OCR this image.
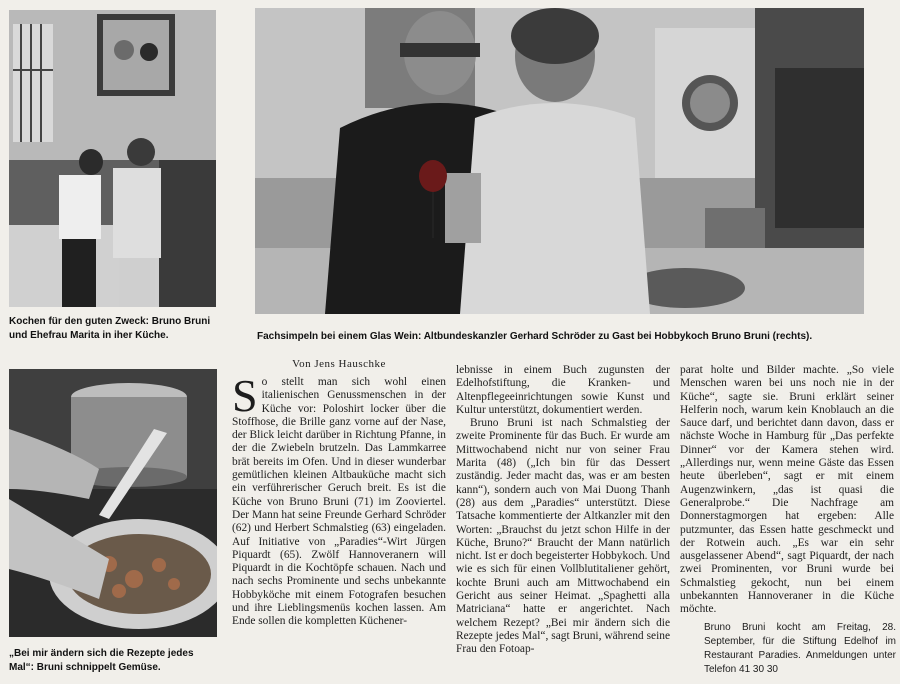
Kochen für den guten Zweck: Bruno Bruni
und Ehefrau Marita in iher Küche.	Fachsimpeln bei einem Glas Wein: Altbundeskanzler Gerhard Schröder zu Gast bei Hobbykoch Bruno Bruni (rechts).

„Bei mir ändern sich die Rezepte jedes
Mal“: Bruni schnippelt Gemüse.

Von Jens Hauschke

So stellt man sich wohl einen italienischen Genussmenschen in der Küche vor: Poloshirt locker über die Stoffhose, die Brille ganz vorne auf der Nase, der Blick leicht darüber in Richtung Pfanne, in der die Zwiebeln brutzeln. Das Lammkarree brät bereits im Ofen. Und in dieser wunderbar gemütlichen kleinen Altbauküche macht sich ein verführerischer Geruch breit. Es ist die Küche von Bruno Bruni (71) im Zooviertel. Der Mann hat seine Freunde Gerhard Schröder (62) und Herbert Schmalstieg (63) eingeladen. Auf Initiative von „Paradies“-Wirt Jürgen Piquardt (65). Zwölf Hannoveranern will Piquardt in die Kochtöpfe schauen. Nach und nach sechs Prominente und sechs unbekannte Hobbyköche mit einem Fotografen besuchen und ihre Lieblingsmenüs kochen lassen. Am Ende sollen die kompletten Küchener-

lebnisse in einem Buch zugunsten der Edelhofstiftung, die Kranken- und Altenpflegeeinrichtungen sowie Kunst und Kultur unterstützt, dokumentiert werden.

Bruno Bruni ist nach Schmalstieg der zweite Prominente für das Buch. Er wurde am Mittwochabend nicht nur von seiner Frau Marita (48) („Ich bin für das Dessert zuständig. Jeder macht das, was er am besten kann“), sondern auch von Mai Duong Thanh (28) aus dem „Paradies“ unterstützt. Diese Tatsache kommentierte der Altkanzler mit den Worten: „Brauchst du jetzt schon Hilfe in der Küche, Bruno?“ Braucht der Mann natürlich nicht. Ist er doch begeisterter Hobbykoch. Und wie es sich für einen Vollblutitaliener gehört, kochte Bruni auch am Mittwochabend ein Gericht aus seiner Heimat. „Spaghetti alla Matriciana“ hatte er angerichtet. Nach welchem Rezept? „Bei mir ändern sich die Rezepte jedes Mal“, sagt Bruni, während seine Frau den Fotoap-

parat holte und Bilder machte. „So viele Menschen waren bei uns noch nie in der Küche“, sagte sie. Bruni erklärt seiner Helferin noch, warum kein Knoblauch an die Sauce darf, und berichtet dann davon, dass er nächste Woche in Hamburg für „Das perfekte Dinner“ vor der Kamera stehen wird. „Allerdings nur, wenn meine Gäste das Essen heute überleben“, sagt er mit einem Augenzwinkern, „das ist quasi die Generalprobe.“ Die Nachfrage am Donnerstagmorgen hat ergeben: Alle putzmunter, das Essen hatte geschmeckt und der Rotwein auch. „Es war ein sehr ausgelassener Abend“, sagt Piquardt, der nach zwei Prominenten, vor Bruni wurde bei Schmalstieg gekocht, nun bei einem unbekannten Hannoveraner in die Küche möchte.

Bruno Bruni kocht am Freitag, 28. September, für die Stiftung Edelhof im Restaurant Paradies. Anmeldungen unter Telefon 41 30 30
